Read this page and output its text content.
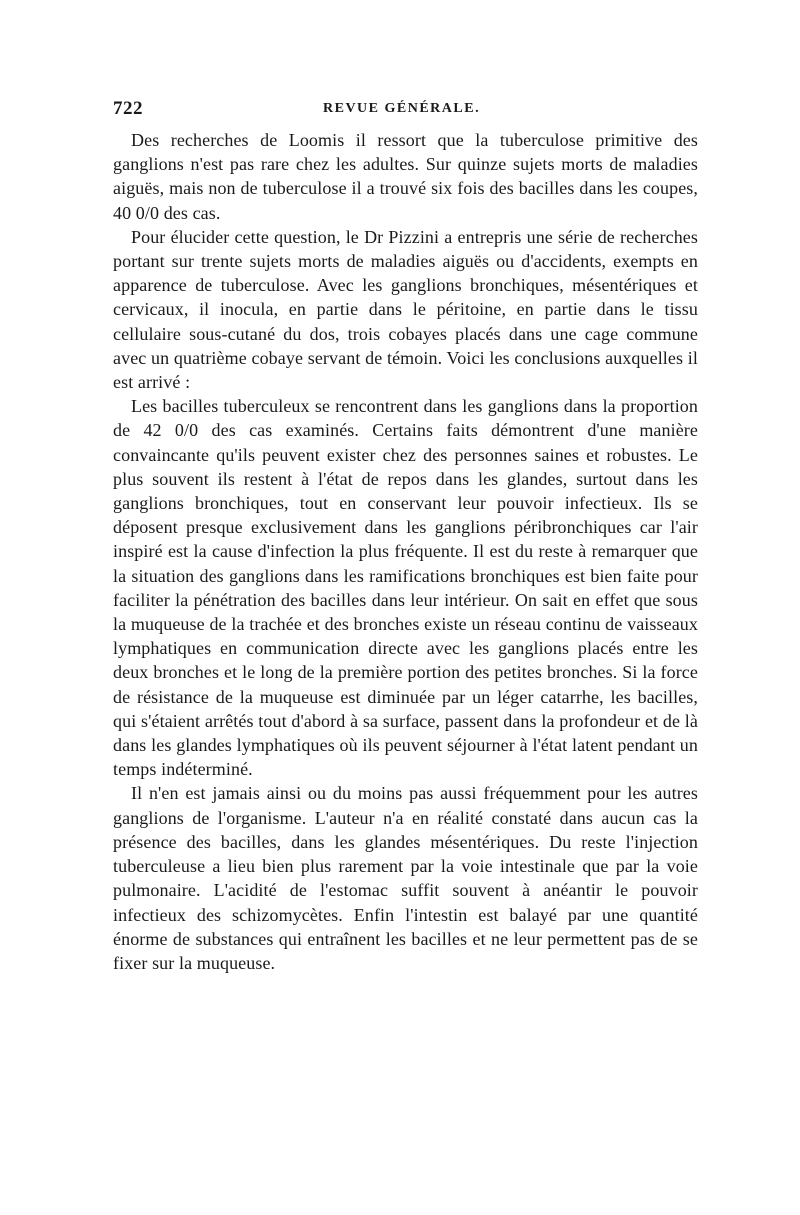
722	REVUE GÉNÉRALE.

Des recherches de Loomis il ressort que la tuberculose primitive des ganglions n'est pas rare chez les adultes. Sur quinze sujets morts de maladies aiguës, mais non de tuberculose il a trouvé six fois des bacilles dans les coupes, 40 0/0 des cas.

Pour élucider cette question, le Dr Pizzini a entrepris une série de recherches portant sur trente sujets morts de maladies aiguës ou d'accidents, exempts en apparence de tuberculose. Avec les ganglions bronchiques, mésentériques et cervicaux, il inocula, en partie dans le péritoine, en partie dans le tissu cellulaire sous-cutané du dos, trois cobayes placés dans une cage commune avec un quatrième cobaye servant de témoin. Voici les conclusions auxquelles il est arrivé :

Les bacilles tuberculeux se rencontrent dans les ganglions dans la proportion de 42 0/0 des cas examinés. Certains faits démontrent d'une manière convaincante qu'ils peuvent exister chez des personnes saines et robustes. Le plus souvent ils restent à l'état de repos dans les glandes, surtout dans les ganglions bronchiques, tout en conservant leur pouvoir infectieux. Ils se déposent presque exclusivement dans les ganglions péribronchiques car l'air inspiré est la cause d'infection la plus fréquente. Il est du reste à remarquer que la situation des ganglions dans les ramifications bronchiques est bien faite pour faciliter la pénétration des bacilles dans leur intérieur. On sait en effet que sous la muqueuse de la trachée et des bronches existe un réseau continu de vaisseaux lymphatiques en communication directe avec les ganglions placés entre les deux bronches et le long de la première portion des petites bronches. Si la force de résistance de la muqueuse est diminuée par un léger catarrhe, les bacilles, qui s'étaient arrêtés tout d'abord à sa surface, passent dans la profondeur et de là dans les glandes lymphatiques où ils peuvent séjourner à l'état latent pendant un temps indéterminé.

Il n'en est jamais ainsi ou du moins pas aussi fréquemment pour les autres ganglions de l'organisme. L'auteur n'a en réalité constaté dans aucun cas la présence des bacilles, dans les glandes mésentériques. Du reste l'injection tuberculeuse a lieu bien plus rarement par la voie intestinale que par la voie pulmonaire. L'acidité de l'estomac suffit souvent à anéantir le pouvoir infectieux des schizomycètes. Enfin l'intestin est balayé par une quantité énorme de substances qui entraînent les bacilles et ne leur permettent pas de se fixer sur la muqueuse.
